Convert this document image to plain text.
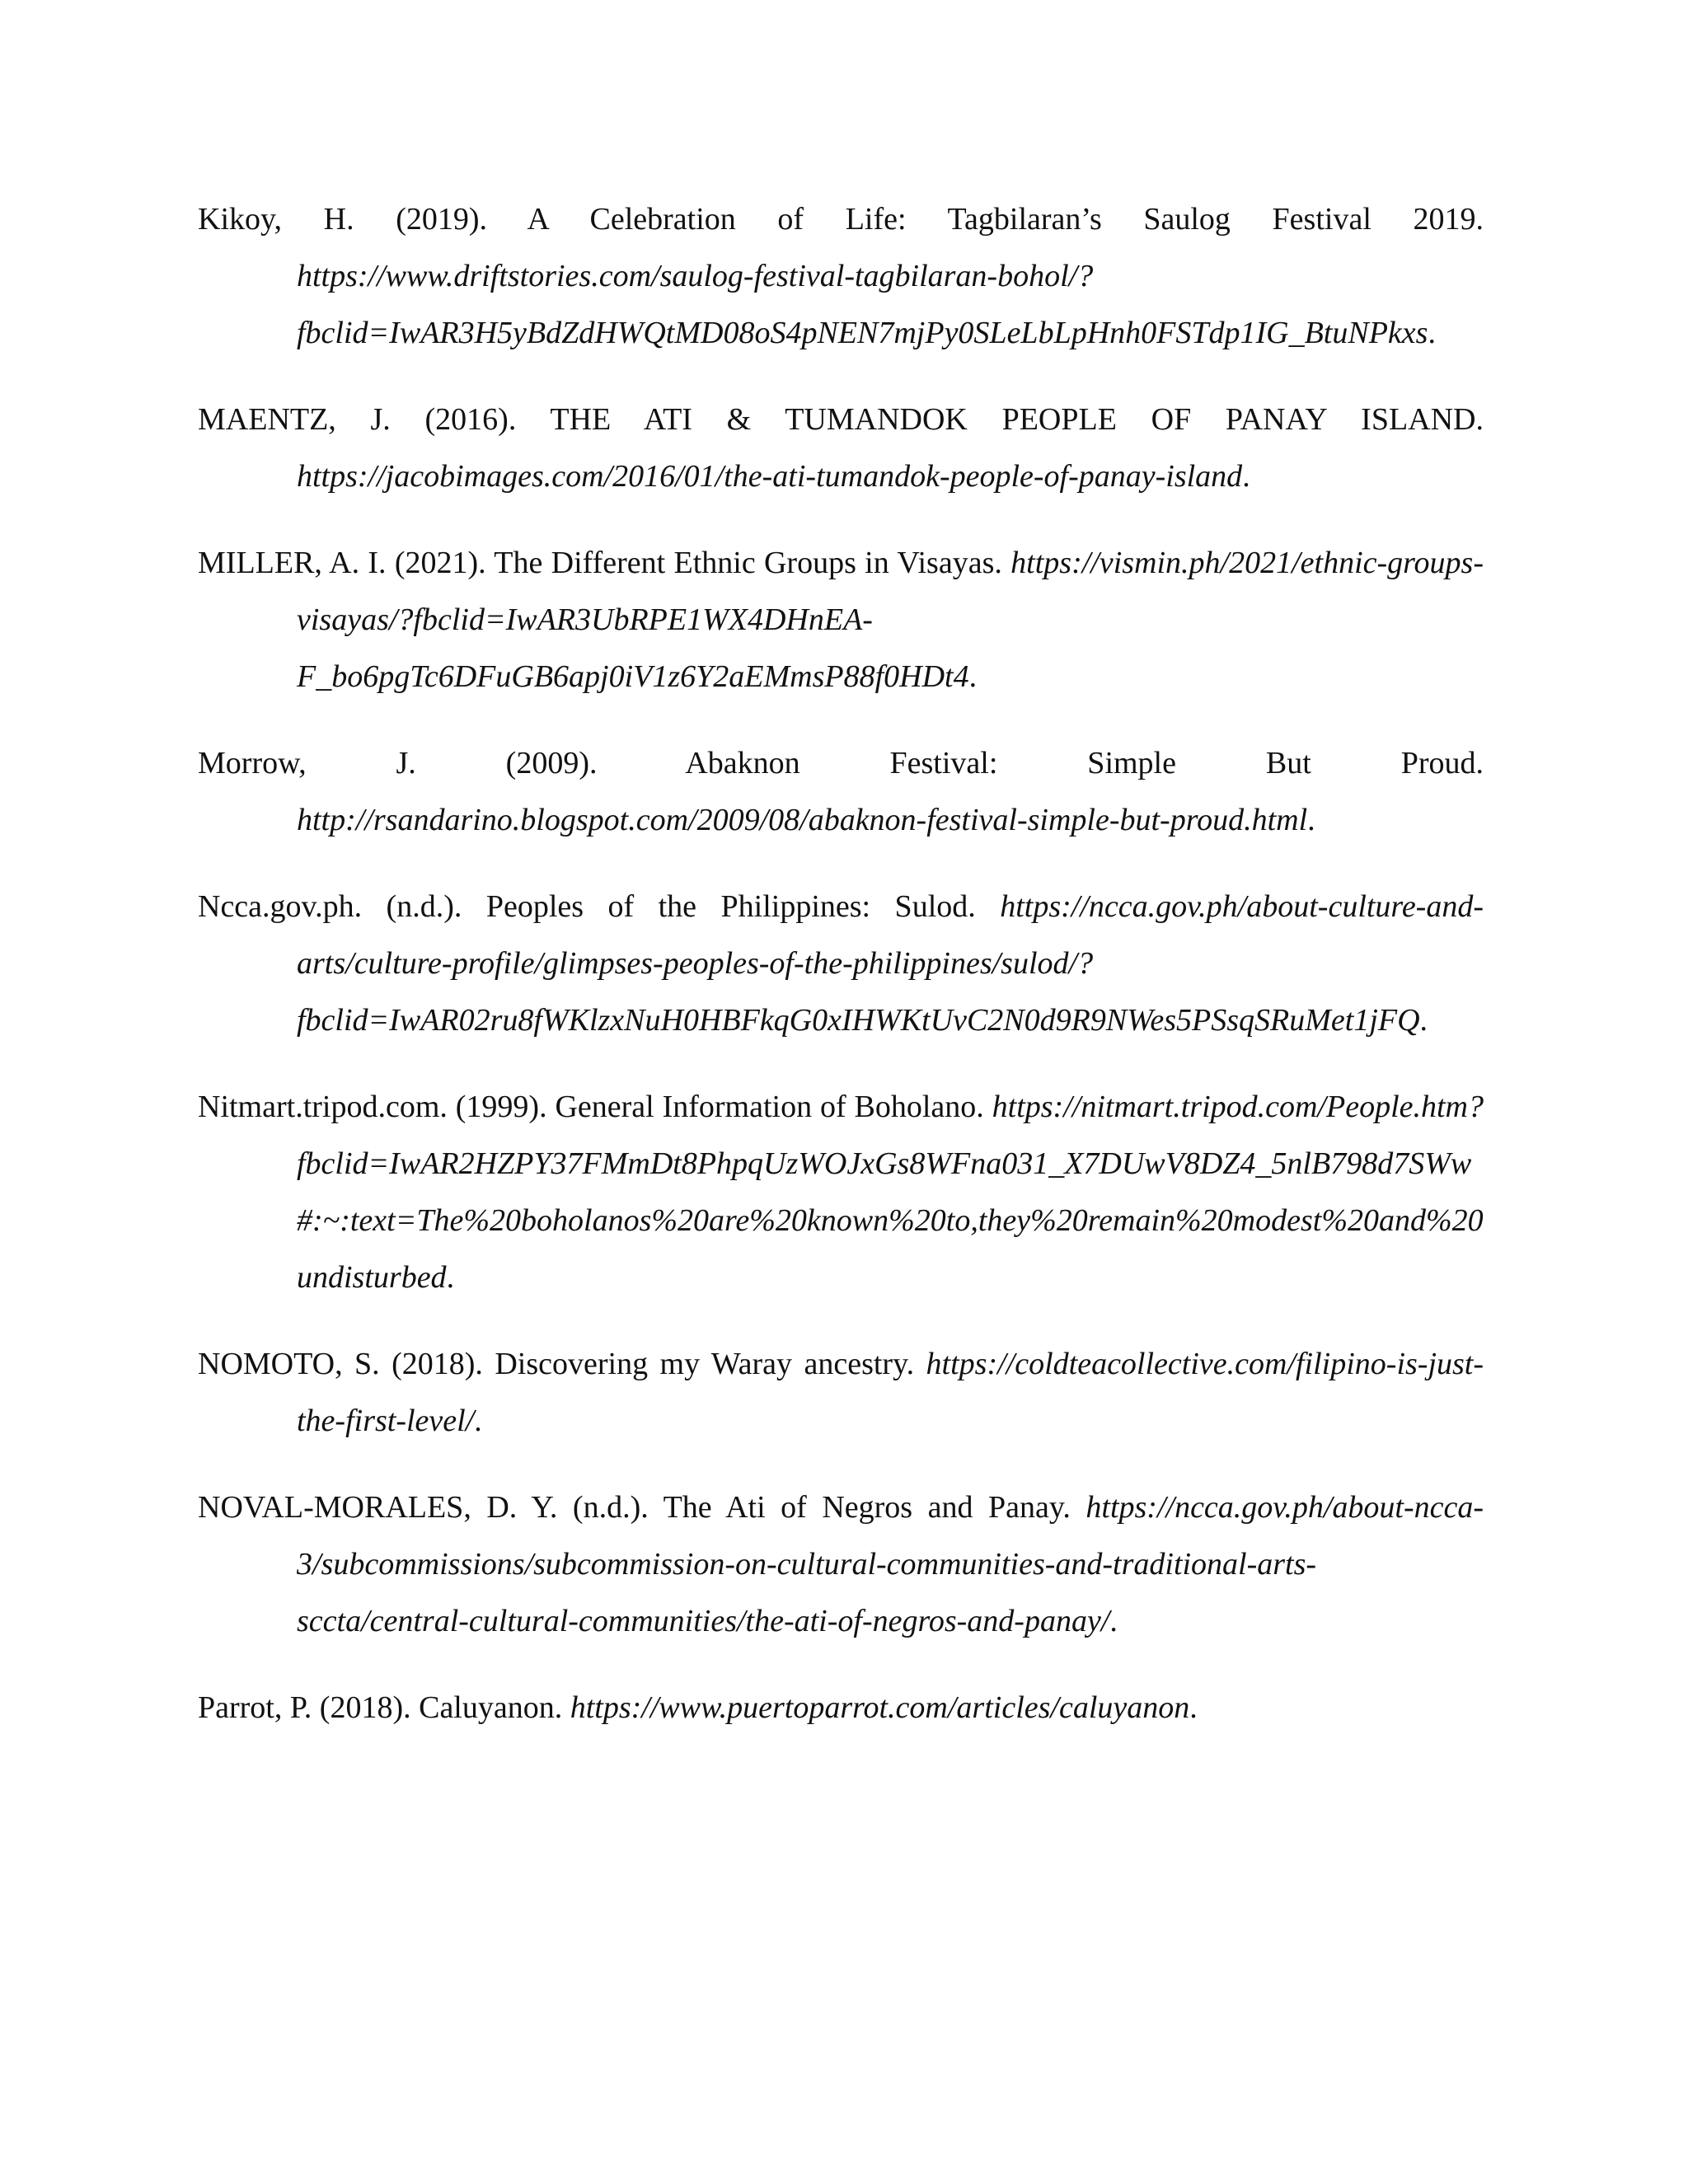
Kikoy, H. (2019). A Celebration of Life: Tagbilaran’s Saulog Festival 2019. https://www.driftstories.com/saulog-festival-tagbilaran-bohol/?fbclid=IwAR3H5yBdZdHWQtMD08oS4pNEN7mjPy0SLeLbLpHnh0FSTdp1IG_BtuNPkxs.

MAENTZ, J. (2016). THE ATI & TUMANDOK PEOPLE OF PANAY ISLAND. https://jacobimages.com/2016/01/the-ati-tumandok-people-of-panay-island.

MILLER, A. I. (2021). The Different Ethnic Groups in Visayas. https://vismin.ph/2021/ethnic-groups-visayas/?fbclid=IwAR3UbRPE1WX4DHnEA-F_bo6pgTc6DFuGB6apj0iV1z6Y2aEMmsP88f0HDt4.

Morrow, J. (2009). Abaknon Festival: Simple But Proud. http://rsandarino.blogspot.com/2009/08/abaknon-festival-simple-but-proud.html.

Ncca.gov.ph. (n.d.). Peoples of the Philippines: Sulod. https://ncca.gov.ph/about-culture-and-arts/culture-profile/glimpses-peoples-of-the-philippines/sulod/?fbclid=IwAR02ru8fWKlzxNuH0HBFkqG0xIHWKtUvC2N0d9R9NWes5PSsqSRuMet1jFQ.

Nitmart.tripod.com. (1999). General Information of Boholano. https://nitmart.tripod.com/People.htm?fbclid=IwAR2HZPY37FMmDt8PhpqUzWOJxGs8WFna031_X7DUwV8DZ4_5nlB798d7SWw#:~:text=The%20boholanos%20are%20known%20to,they%20remain%20modest%20and%20undisturbed.

NOMOTO, S. (2018). Discovering my Waray ancestry. https://coldteacollective.com/filipino-is-just-the-first-level/.

NOVAL-MORALES, D. Y. (n.d.). The Ati of Negros and Panay. https://ncca.gov.ph/about-ncca-3/subcommissions/subcommission-on-cultural-communities-and-traditional-arts-sccta/central-cultural-communities/the-ati-of-negros-and-panay/.

Parrot, P. (2018). Caluyanon. https://www.puertoparrot.com/articles/caluyanon.
